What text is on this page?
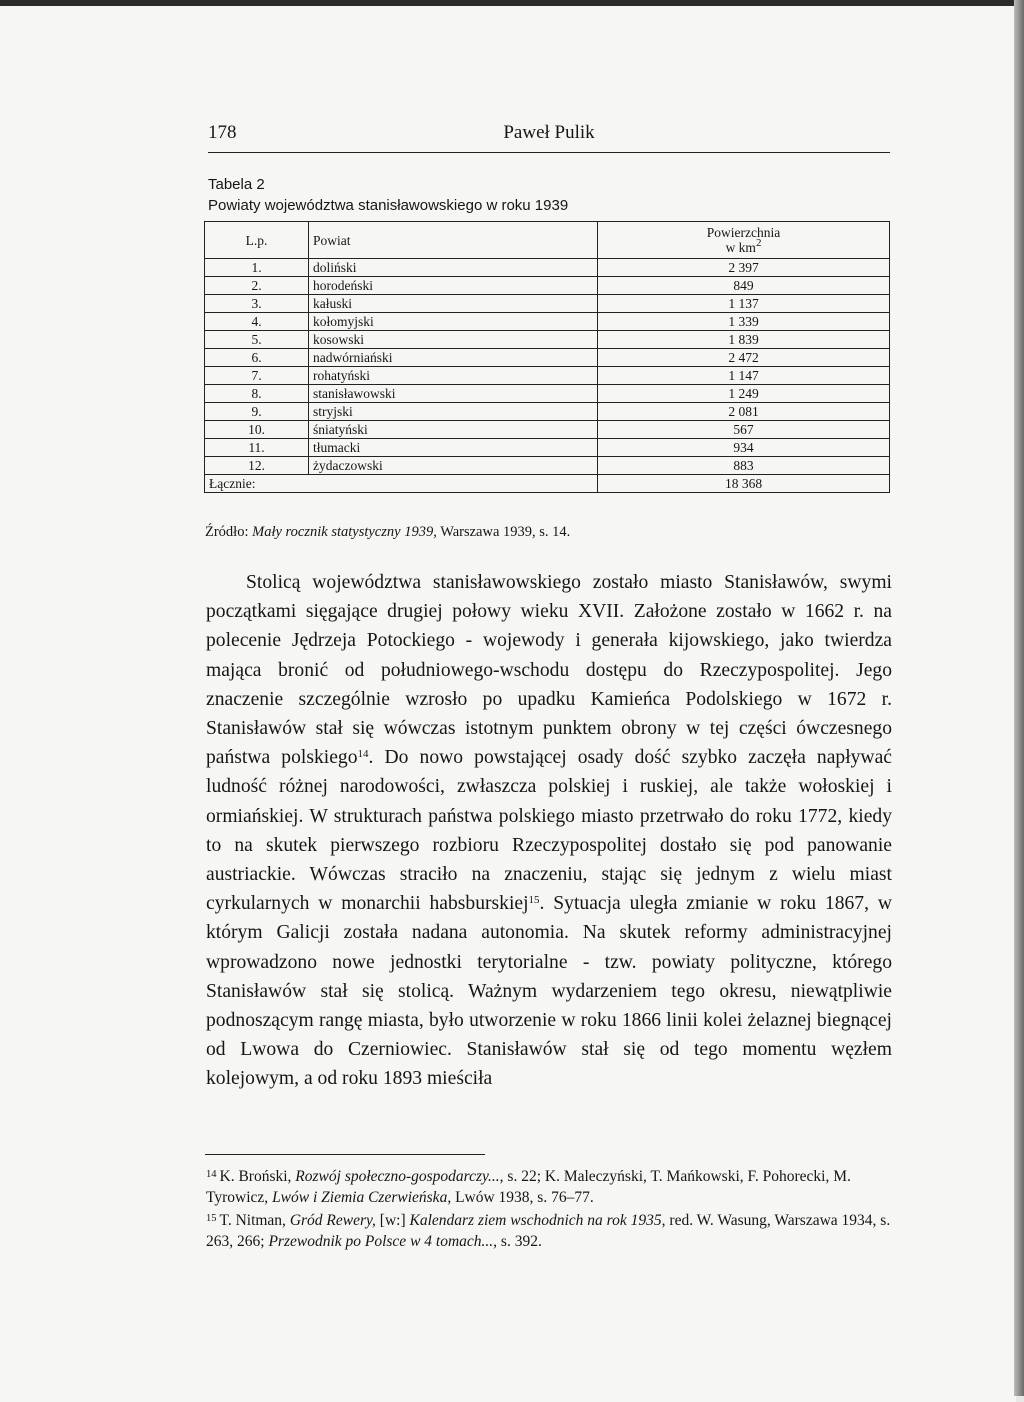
178	Paweł Pulik
Tabela 2
Powiaty województwa stanisławowskiego w roku 1939
L.p.	Powiat	Powierzchnia
w $km^2$
1.	doliński	2 397
2.	horodeński	849
3.	kałuski	1 137
4.	kołomyjski	1 339
5.	kosowski	1 839
6.	nadwórniański	2 472
7.	rohatyński	1 147
8.	stanisławowski	1 249
9.	stryjski	2 081
10.	śniatyński	567
11.	tłumacki	934
12.	żydaczowski	883
Łącznie:		18 368
Źródło: Mały rocznik statystyczny 1939, Warszawa 1939, s. 14.

Stolicą województwa stanisławowskiego zostało miasto Stanisławów, swymi początkami sięgające drugiej połowy wieku XVII. Założone zostało w 1662 r. na polecenie Jędrzeja Potockiego - wojewody i generała kijowskiego, jako twierdza mająca bronić od południowego-wschodu dostępu do Rzeczypospolitej. Jego znaczenie szczególnie wzrosło po upadku Kamieńca Podolskiego w 1672 r. Stanisławów stał się wówczas istotnym punktem obrony w tej części ówczesnego państwa polskiego$^{14}$. Do nowo powstającej osady dość szybko zaczęła napływać ludność różnej narodowości, zwłaszcza polskiej i ruskiej, ale także wołoskiej i ormiańskiej. W strukturach państwa polskiego miasto przetrwało do roku 1772, kiedy to na skutek pierwszego rozbioru Rzeczypospolitej dostało się pod panowanie austriackie. Wówczas straciło na znaczeniu, stając się jednym z wielu miast cyrkularnych w monarchii habsburskiej$^{15}$. Sytuacja uległa zmianie w roku 1867, w którym Galicji została nadana autonomia. Na skutek reformy administracyjnej wprowadzono nowe jednostki terytorialne - tzw. powiaty polityczne, którego Stanisławów stał się stolicą. Ważnym wydarzeniem tego okresu, niewątpliwie podnoszącym rangę miasta, było utworzenie w roku 1866 linii kolei żelaznej biegnącej od Lwowa do Czerniowiec. Stanisławów stał się od tego momentu węzłem kolejowym, a od roku 1893 mieściła

$^{14}$ K. Broński, Rozwój społeczno-gospodarczy..., s. 22; K. Maleczyński, T. Mańkowski, F. Pohorecki, M. Tyrowicz, Lwów i Ziemia Czerwieńska, Lwów 1938, s. 76–77.

$^{15}$ T. Nitman, Gród Rewery, [w:] Kalendarz ziem wschodnich na rok 1935, red. W. Wasung, Warszawa 1934, s. 263, 266; Przewodnik po Polsce w 4 tomach..., s. 392.
